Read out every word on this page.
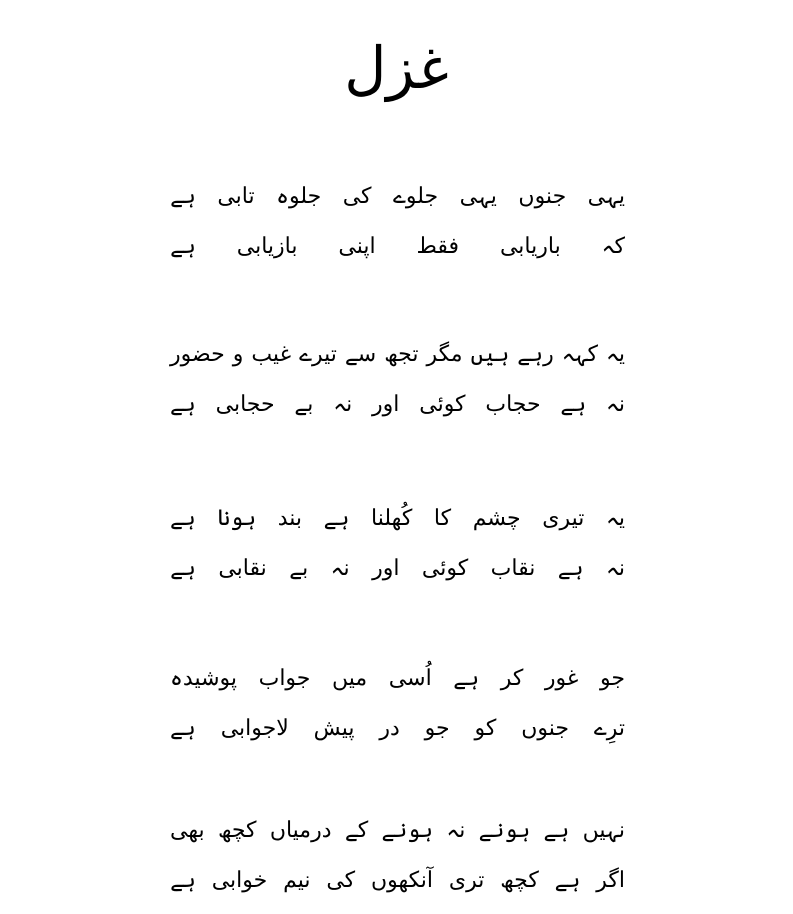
غزل
یہی
جنوں
یہی
جلوے
کی
جلوہ
تابی
ہے
کہ
باریابی
فقط
اپنی
بازیابی
ہے
یہ
کہہ
رہے
ہیں
مگر
تجھ
سے
تیرے
غیب
و
حضور
نہ
ہے
حجاب
کوئی
اور
نہ
بے
حجابی
ہے
یہ
تیری
چشم
کا
کُھلنا
ہے
بند
ہونا
ہے
نہ
ہے
نقاب
کوئی
اور
نہ
بے
نقابی
ہے
جو
غور
کر
ہے
اُسی
میں
جواب
پوشیدہ
ترِے
جنوں
کو
جو
در
پیش
لاجوابی
ہے
نہیں
ہے
ہونے
نہ
ہونے
کے
درمیاں
کچھ
بھی
اگر
ہے
کچھ
تری
آنکھوں
کی
نیم
خوابی
ہے
